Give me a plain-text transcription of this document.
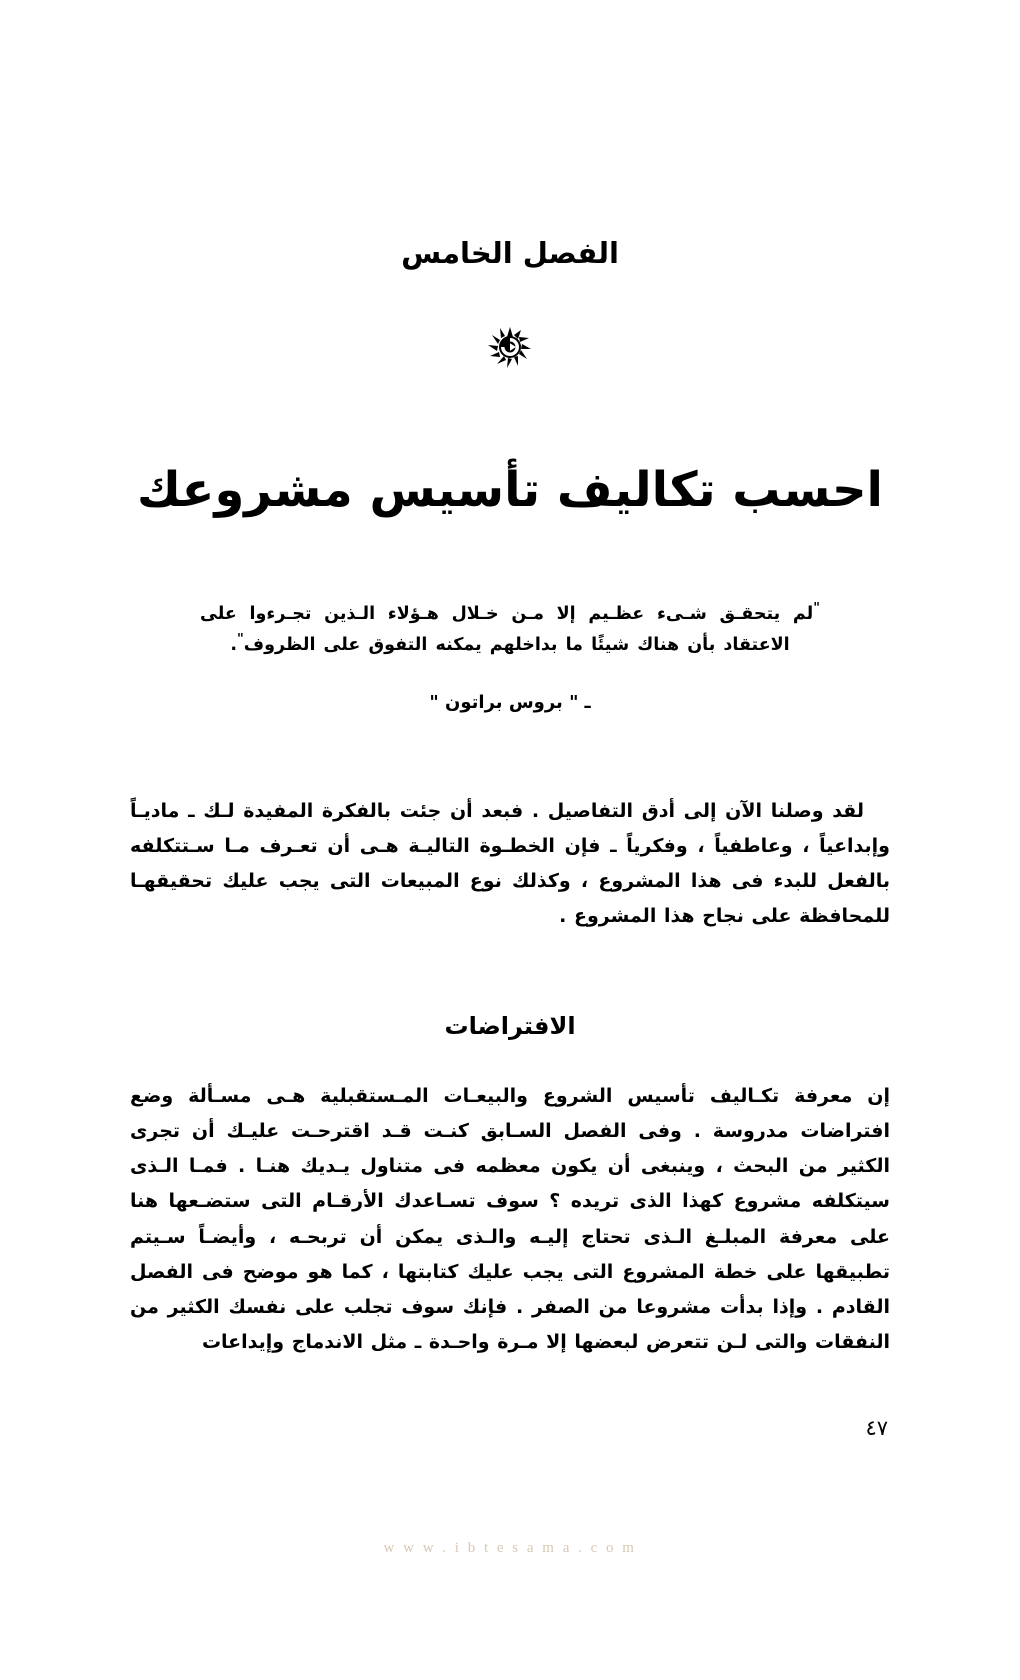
الفصل الخامس
احسب تكاليف تأسيس مشروعك
"لم يتحقـق شـىء عظـيم إلا مـن خـلال هـؤلاء الـذين تجـرءوا على الاعتقاد بأن هناك شيئًا ما بداخلهم يمكنه التفوق على الظروف".
ـ" بروس براتون "

لقد وصلنا الآن إلى أدق التفاصيل . فبعد أن جئت بالفكرة المفيدة لـك ـ ماديـاً وإبداعياً ، وعاطفياً ، وفكرياً ـ فإن الخطـوة التاليـة هـى أن تعـرف مـا سـتتكلفه بالفعل للبدء فى هذا المشروع ، وكذلك نوع المبيعات التى يجب عليك تحقيقهـا للمحافظة على نجاح هذا المشروع .

الافتراضات

إن معرفة تكـاليف تأسيس الشروع والبيعـات المـستقبلية هـى مسـألة وضع افتراضات مدروسة . وفى الفصل السـابق كنـت قـد اقترحـت عليـك أن تجرى الكثير من البحث ، وينبغى أن يكون معظمه فى متناول يـديك هنـا . فمـا الـذى سيتكلفه مشروع كهذا الذى تريده ؟ سوف تسـاعدك الأرقـام التى ستضـعها هنا على معرفة المبلـغ الـذى تحتاج إليـه والـذى يمكن أن تربحـه ، وأيضـاً سـيتم تطبيقها على خطة المشروع التى يجب عليك كتابتها ، كما هو موضح فى الفصل القادم . وإذا بدأت مشروعا من الصفر . فإنك سوف تجلب على نفسك الكثير من النفقات والتى لـن تتعرض لبعضها إلا مـرة واحـدة ـ مثل الاندماج وإيداعات

٤٧
w w w . i b t e s a m a . c o m
